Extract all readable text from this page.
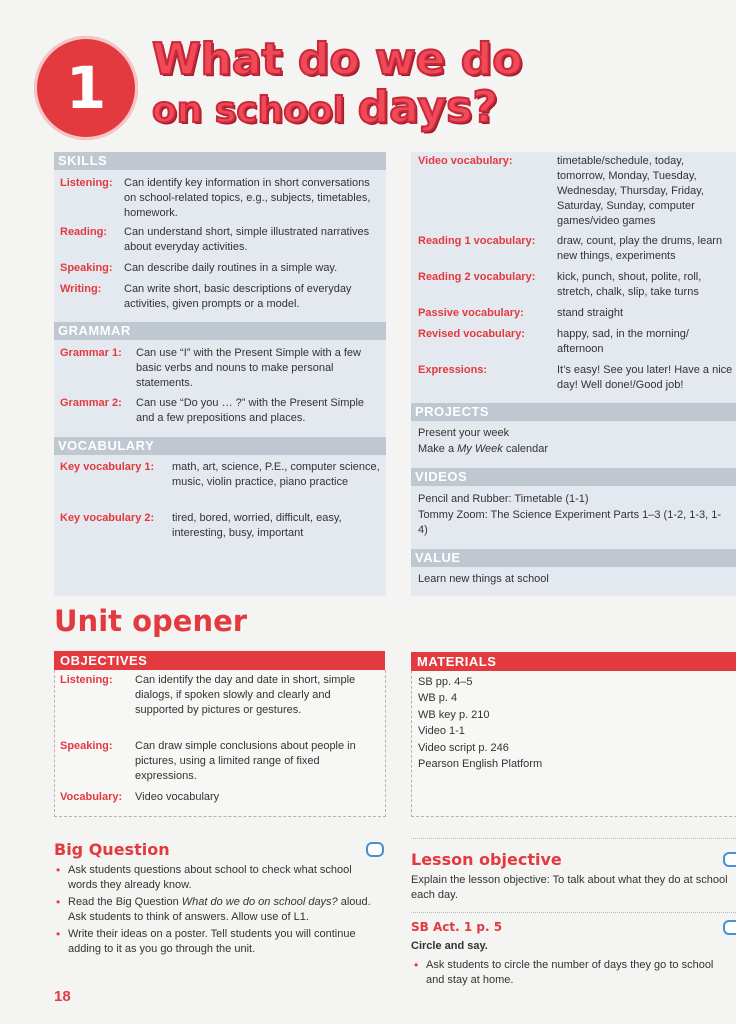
1 What do we do
on school days?
SKILLS
Listening: Can identify key information in short conversations on school-related topics, e.g., subjects, timetables, homework.
Reading: Can understand short, simple illustrated narratives about everyday activities.
Speaking: Can describe daily routines in a simple way.
Writing: Can write short, basic descriptions of everyday activities, given prompts or a model.
GRAMMAR
Grammar 1: Can use “I” with the Present Simple with a few basic verbs and nouns to make personal statements.
Grammar 2: Can use “Do you … ?” with the Present Simple and a few prepositions and places.
VOCABULARY
Key vocabulary 1: math, art, science, P.E., computer science, music, violin practice, piano practice
Key vocabulary 2: tired, bored, worried, difficult, easy, interesting, busy, important
Video vocabulary:	timetable/schedule, today, tomorrow, Monday, Tuesday, Wednesday, Thursday, Friday, Saturday, Sunday, computer games/video games
Reading 1 vocabulary: draw, count, play the drums, learn new things, experiments
Reading 2 vocabulary: kick, punch, shout, polite, roll, stretch, chalk, slip, take turns
Passive vocabulary:	stand straight
Revised vocabulary:	happy, sad, in the morning/ afternoon
Expressions:	It’s easy! See you later! Have a nice day! Well done!/Good job!
PROJECTS
Present your week
Make a My Week calendar
VIDEOS
Pencil and Rubber: Timetable (1-1)
Tommy Zoom: The Science Experiment Parts 1–3 (1-2, 1-3, 1-4)
VALUE
Learn new things at school
Unit opener
OBJECTIVES
Listening: Can identify the day and date in short, simple dialogs, if spoken slowly and clearly and supported by pictures or gestures.
Speaking: Can draw simple conclusions about people in pictures, using a limited range of fixed expressions.
Vocabulary: Video vocabulary
MATERIALS
SB pp. 4–5
WB p. 4
WB key p. 210
Video 1-1
Video script p. 246
Pearson English Platform
Big Question
• Ask students questions about school to check what school words they already know.
• Read the Big Question What do we do on school days? aloud. Ask students to think of answers. Allow use of L1.
• Write their ideas on a poster. Tell students you will continue adding to it as you go through the unit.
Lesson objective
Explain the lesson objective: To talk about what they do at school each day.
SB Act. 1 p. 5
Circle and say.
• Ask students to circle the number of days they go to school and stay at home.
18
